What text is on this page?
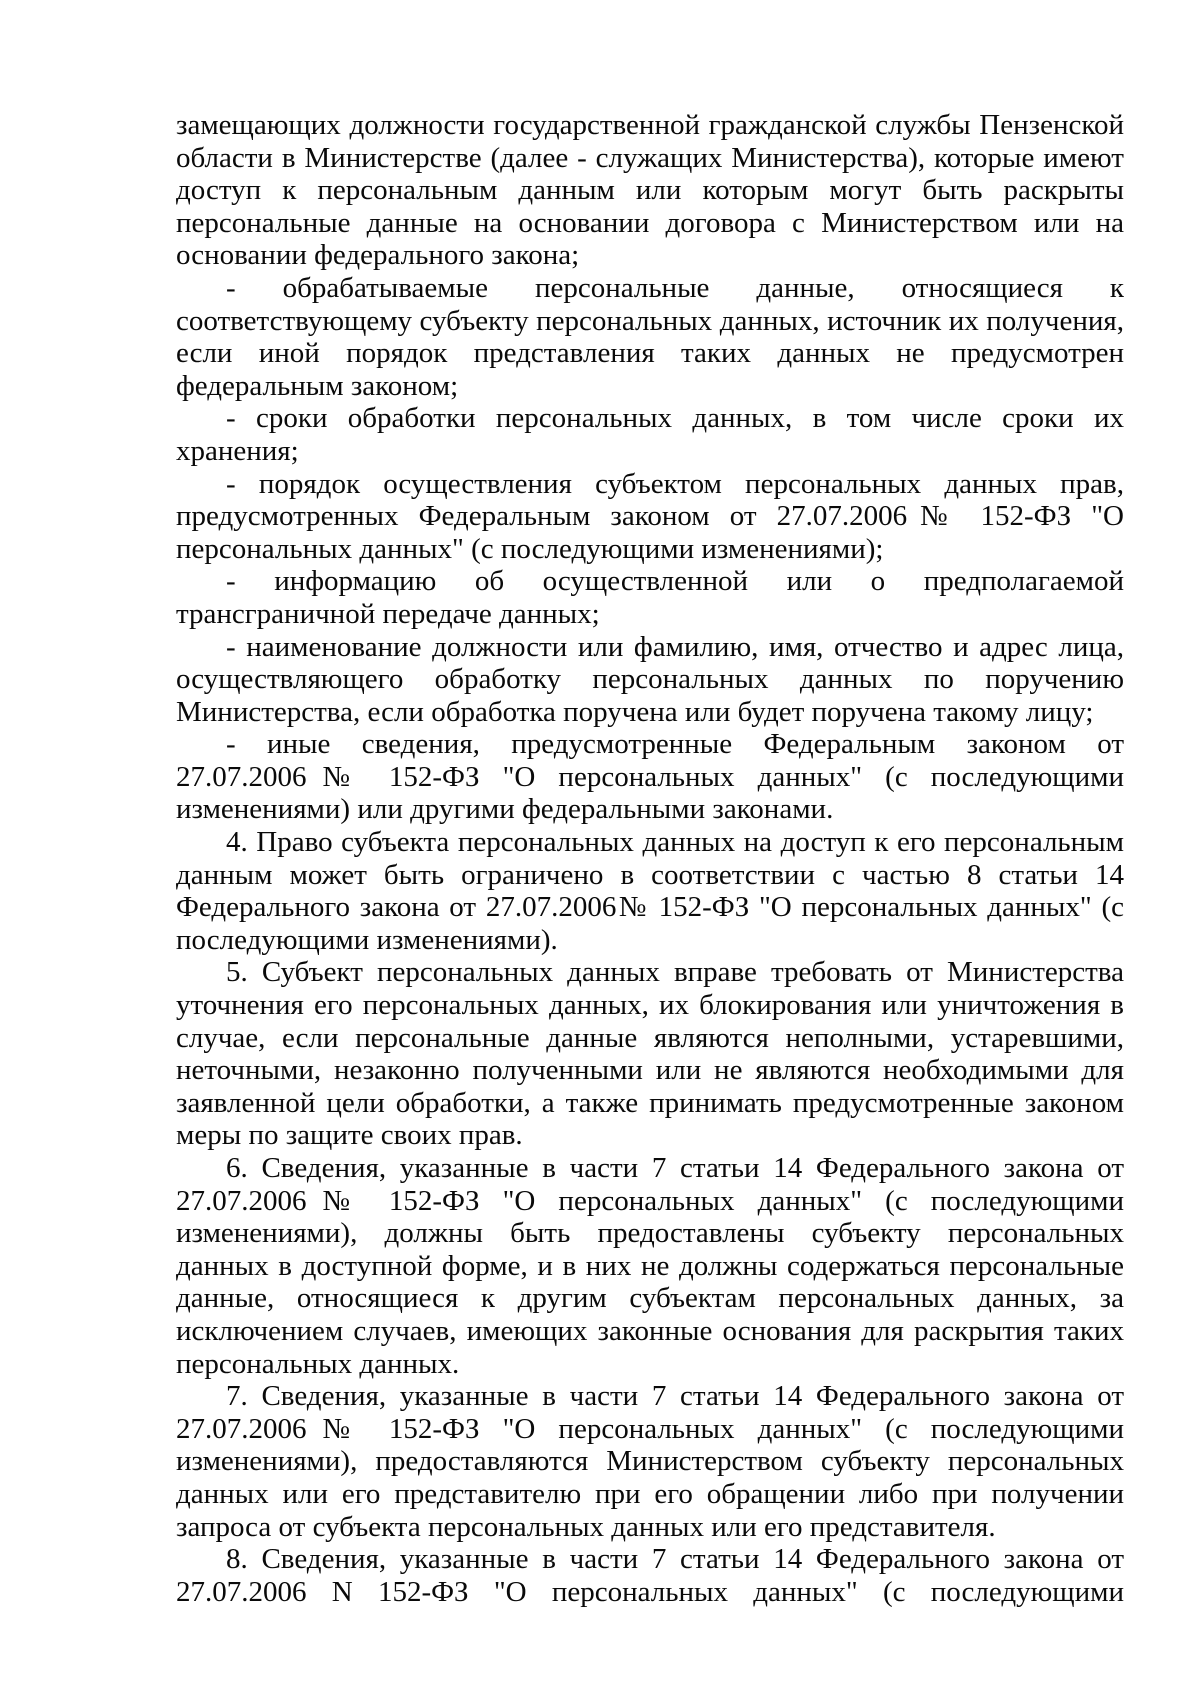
замещающих должности государственной гражданской службы Пензенской области в Министерстве (далее - служащих Министерства), которые имеют доступ к персональным данным или которым могут быть раскрыты персональные данные на основании договора с Министерством или на основании федерального закона;

- обрабатываемые персональные данные, относящиеся к соответствующему субъекту персональных данных, источник их получения, если иной порядок представления таких данных не предусмотрен федеральным законом;

- сроки обработки персональных данных, в том числе сроки их хранения;

- порядок осуществления субъектом персональных данных прав, предусмотренных Федеральным законом от 27.07.2006№ 152-ФЗ "О персональных данных" (с последующими изменениями);

- информацию об осуществленной или о предполагаемой трансграничной передаче данных;

- наименование должности или фамилию, имя, отчество и адрес лица, осуществляющего обработку персональных данных по поручению Министерства, если обработка поручена или будет поручена такому лицу;

- иные сведения, предусмотренные Федеральным законом от 27.07.2006№ 152-ФЗ "О персональных данных" (с последующими изменениями) или другими федеральными законами.

4. Право субъекта персональных данных на доступ к его персональным данным может быть ограничено в соответствии с частью 8 статьи 14 Федерального закона от 27.07.2006№ 152-ФЗ "О персональных данных" (с последующими изменениями).

5. Субъект персональных данных вправе требовать от Министерства уточнения его персональных данных, их блокирования или уничтожения в случае, если персональные данные являются неполными, устаревшими, неточными, незаконно полученными или не являются необходимыми для заявленной цели обработки, а также принимать предусмотренные законом меры по защите своих прав.

6. Сведения, указанные в части 7 статьи 14 Федерального закона от 27.07.2006№ 152-ФЗ "О персональных данных" (с последующими изменениями), должны быть предоставлены субъекту персональных данных в доступной форме, и в них не должны содержаться персональные данные, относящиеся к другим субъектам персональных данных, за исключением случаев, имеющих законные основания для раскрытия таких персональных данных.

7. Сведения, указанные в части 7 статьи 14 Федерального закона от 27.07.2006№ 152-ФЗ "О персональных данных" (с последующими изменениями), предоставляются Министерством субъекту персональных данных или его представителю при его обращении либо при получении запроса от субъекта персональных данных или его представителя.

8. Сведения, указанные в части 7 статьи 14 Федерального закона от 27.07.2006 N 152-ФЗ "О персональных данных" (с последующими
